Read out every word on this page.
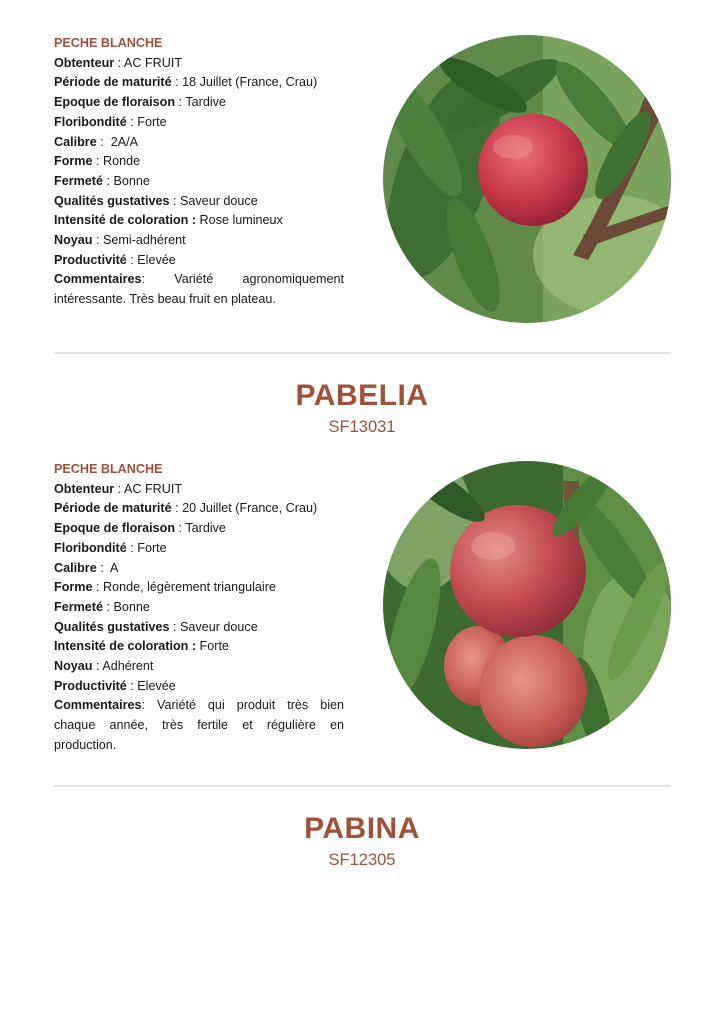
PECHE BLANCHE
Obtenteur : AC FRUIT
Période de maturité : 18 Juillet (France, Crau)
Epoque de floraison : Tardive
Floribondité : Forte
Calibre :  2A/A
Forme : Ronde
Fermeté : Bonne
Qualités gustatives : Saveur douce
Intensité de coloration : Rose lumineux
Noyau : Semi-adhérent
Productivité : Elevée
Commentaires: Variété agronomiquement intéressante. Très beau fruit en plateau.
PABELIA
SF13031
PECHE BLANCHE
Obtenteur : AC FRUIT
Période de maturité : 20 Juillet (France, Crau)
Epoque de floraison : Tardive
Floribondité : Forte
Calibre :  A
Forme : Ronde, légèrement triangulaire
Fermeté : Bonne
Qualités gustatives : Saveur douce
Intensité de coloration : Forte
Noyau : Adhérent
Productivité : Elevée
Commentaires: Variété qui produit très bien chaque année, très fertile et régulière en production.
PABINA
SF12305
